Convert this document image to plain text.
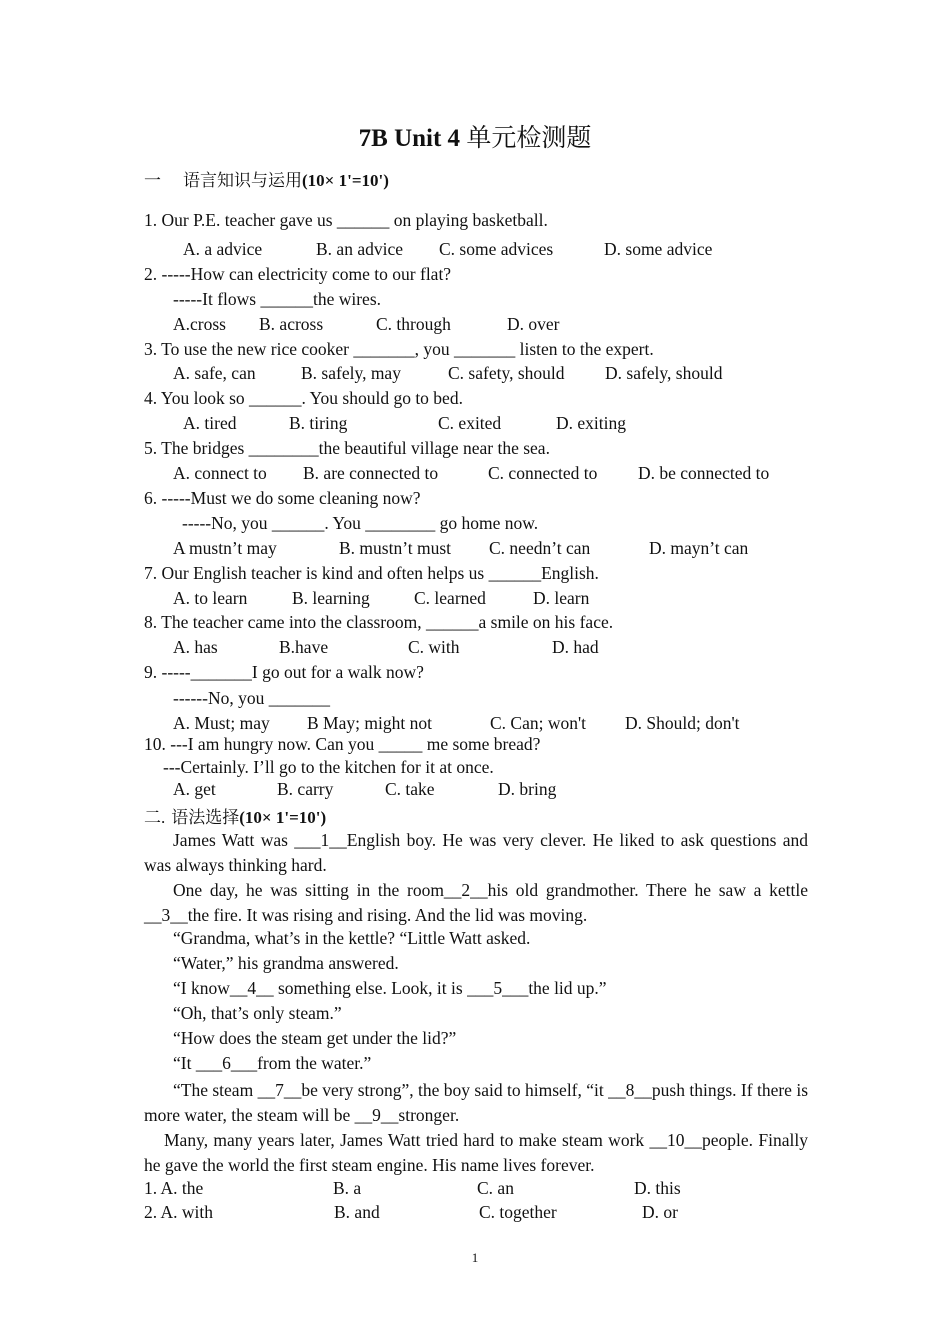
7B Unit 4 单元检测题
一 语言知识与运用(10× 1'=10')
1. Our P.E. teacher gave us ______ on playing basketball.
A. a advice	B. an advice C. some advices	D. some advice
2. -----How can electricity come to our flat?
-----It flows ______the wires.
A.cross B. across	C. through	D. over
3. To use the new rice cooker _______, you _______ listen to the expert.
A. safe, can	B. safely, may	C. safety, should D. safely, should
4. You look so ______. You should go to bed.
A. tired	B. tiring	C. exited	D. exiting
5. The bridges ________the beautiful village near the sea.
A. connect to B. are connected to	C. connected to D. be connected to
6. -----Must we do some cleaning now?
-----No, you ______. You ________ go home now.
A mustn’t may	B. mustn’t must C. needn’t can	D. mayn’t can
7. Our English teacher is kind and often helps us ______English.
A. to learn	B. learning	C. learned	D. learn
8. The teacher came into the classroom, ______a smile on his face.
A. has	B.have	C. with	D. had
9. -----_______I go out for a walk now?
------No, you _______
A. Must; may B May; might not	C. Can; won't D. Should; don't
10. ---I am hungry now. Can you _____ me some bread?
---Certainly. I’ll go to the kitchen for it at once.
A. get	B. carry	C. take	D. bring
二. 语法选择(10× 1'=10')
James Watt was ___1__English boy. He was very clever. He liked to ask questions and was always thinking hard.
One day, he was sitting in the room__2__his old grandmother. There he saw a kettle __3__the fire. It was rising and rising. And the lid was moving.
“Grandma, what’s in the kettle? “Little Watt asked.
“Water,” his grandma answered.
“I know__4__ something else. Look, it is ___5___the lid up.”
“Oh, that’s only steam.”
“How does the steam get under the lid?”
“It ___6___from the water.”
“The steam __7__be very strong”, the boy said to himself, “it __8__push things. If there is more water, the steam will be __9__stronger.
Many, many years later, James Watt tried hard to make steam work __10__people. Finally he gave the world the first steam engine. His name lives forever.
1. A. the	B. a	C. an	D. this
2. A. with	B. and	C. together	D. or
1
